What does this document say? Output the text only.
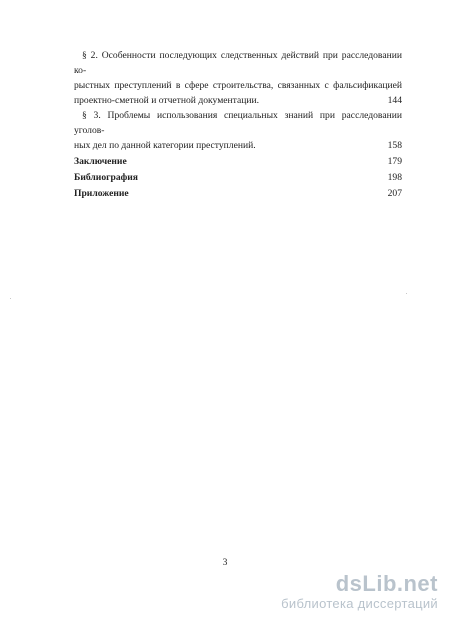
§ 2. Особенности последующих следственных действий при расследовании ко-
рыстных преступлений в сфере строительства, связанных с фальсификацией
проектно-сметной и отчетной документации.	144
§ 3. Проблемы использования специальных знаний при расследовании уголов-
ных дел по данной категории преступлений.	158
Заключение	179
Библиография	198
Приложение	207
3
dsLib.net
библиотека диссертаций
